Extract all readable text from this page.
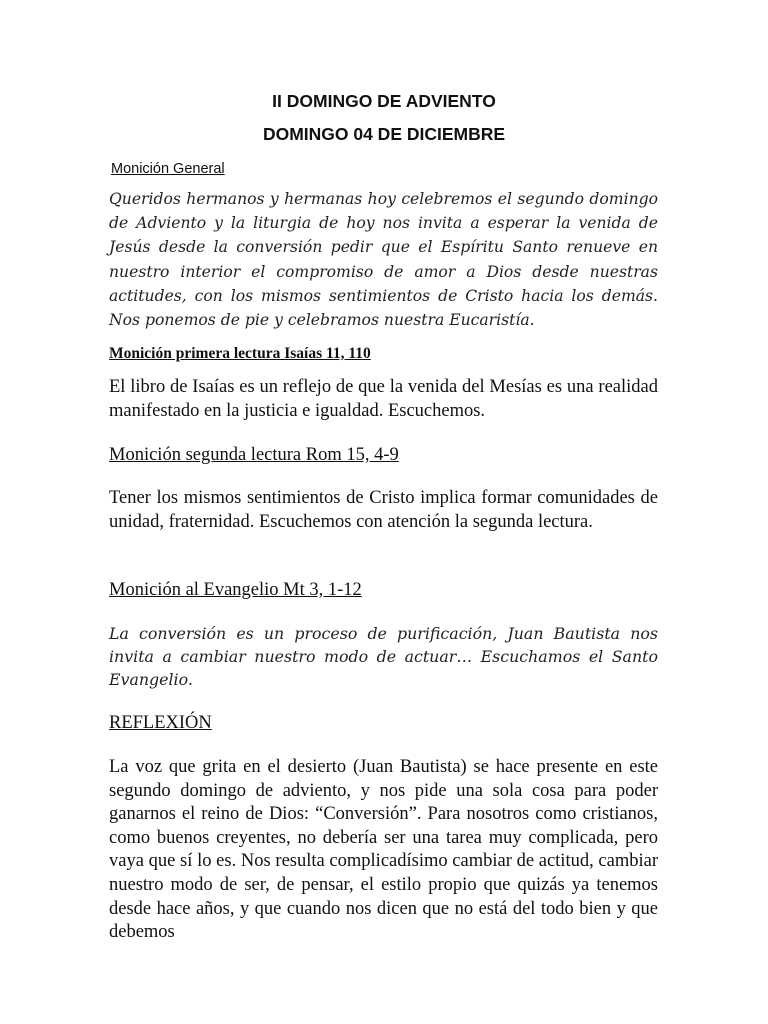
II DOMINGO DE ADVIENTO
DOMINGO 04 DE DICIEMBRE
Monición General

Queridos hermanos y hermanas hoy celebremos el segundo domingo de Adviento y la liturgia de hoy nos invita a esperar la venida de Jesús desde la conversión pedir que el Espíritu Santo renueve en nuestro interior el compromiso de amor a Dios desde nuestras actitudes, con los mismos sentimientos de Cristo hacia los demás. Nos ponemos de pie y celebramos nuestra Eucaristía.

Monición primera lectura Isaías 11, 110

El libro de Isaías es un reflejo de que la venida del Mesías es una realidad manifestado en la justicia e igualdad. Escuchemos.

Monición segunda lectura Rom 15, 4-9

Tener los mismos sentimientos de Cristo implica formar comunidades de unidad, fraternidad. Escuchemos con atención la segunda lectura.

Monición al Evangelio Mt 3, 1-12

La conversión es un proceso de purificación, Juan Bautista nos invita a cambiar nuestro modo de actuar… Escuchamos el Santo Evangelio.

REFLEXIÓN

La voz que grita en el desierto (Juan Bautista) se hace presente en este segundo domingo de adviento, y nos pide una sola cosa para poder ganarnos el reino de Dios: “Conversión”. Para nosotros como cristianos, como buenos creyentes, no debería ser una tarea muy complicada, pero vaya que sí lo es. Nos resulta complicadísimo cambiar de actitud, cambiar nuestro modo de ser, de pensar, el estilo propio que quizás ya tenemos desde hace años, y que cuando nos dicen que no está del todo bien y que debemos
